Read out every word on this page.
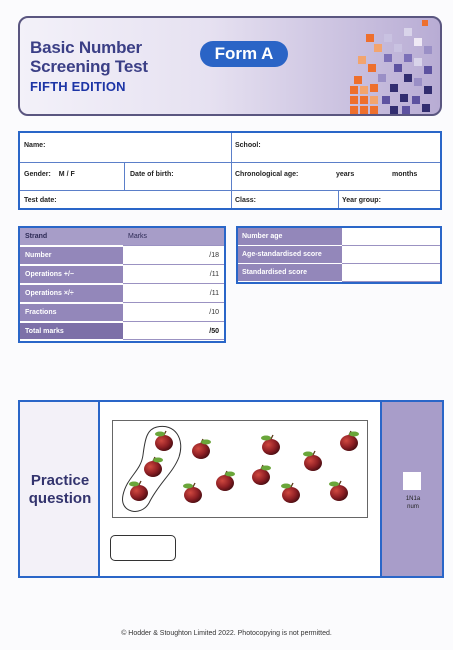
Basic Number
Screening Test
FIFTH EDITION
Form A
Name:	School:
Gender: M / F	Date of birth:	Chronological age:	years	months
Test date:	Class:	Year group:
Strand	Marks
Number	/18
Operations +/−	/11
Operations ×/÷	/11
Fractions	/10
Total marks	/50
Number age
Age-standardised score
Standardised score
Practice
question	1N1a
num
© Hodder & Stoughton Limited 2022. Photocopying is not permitted.
